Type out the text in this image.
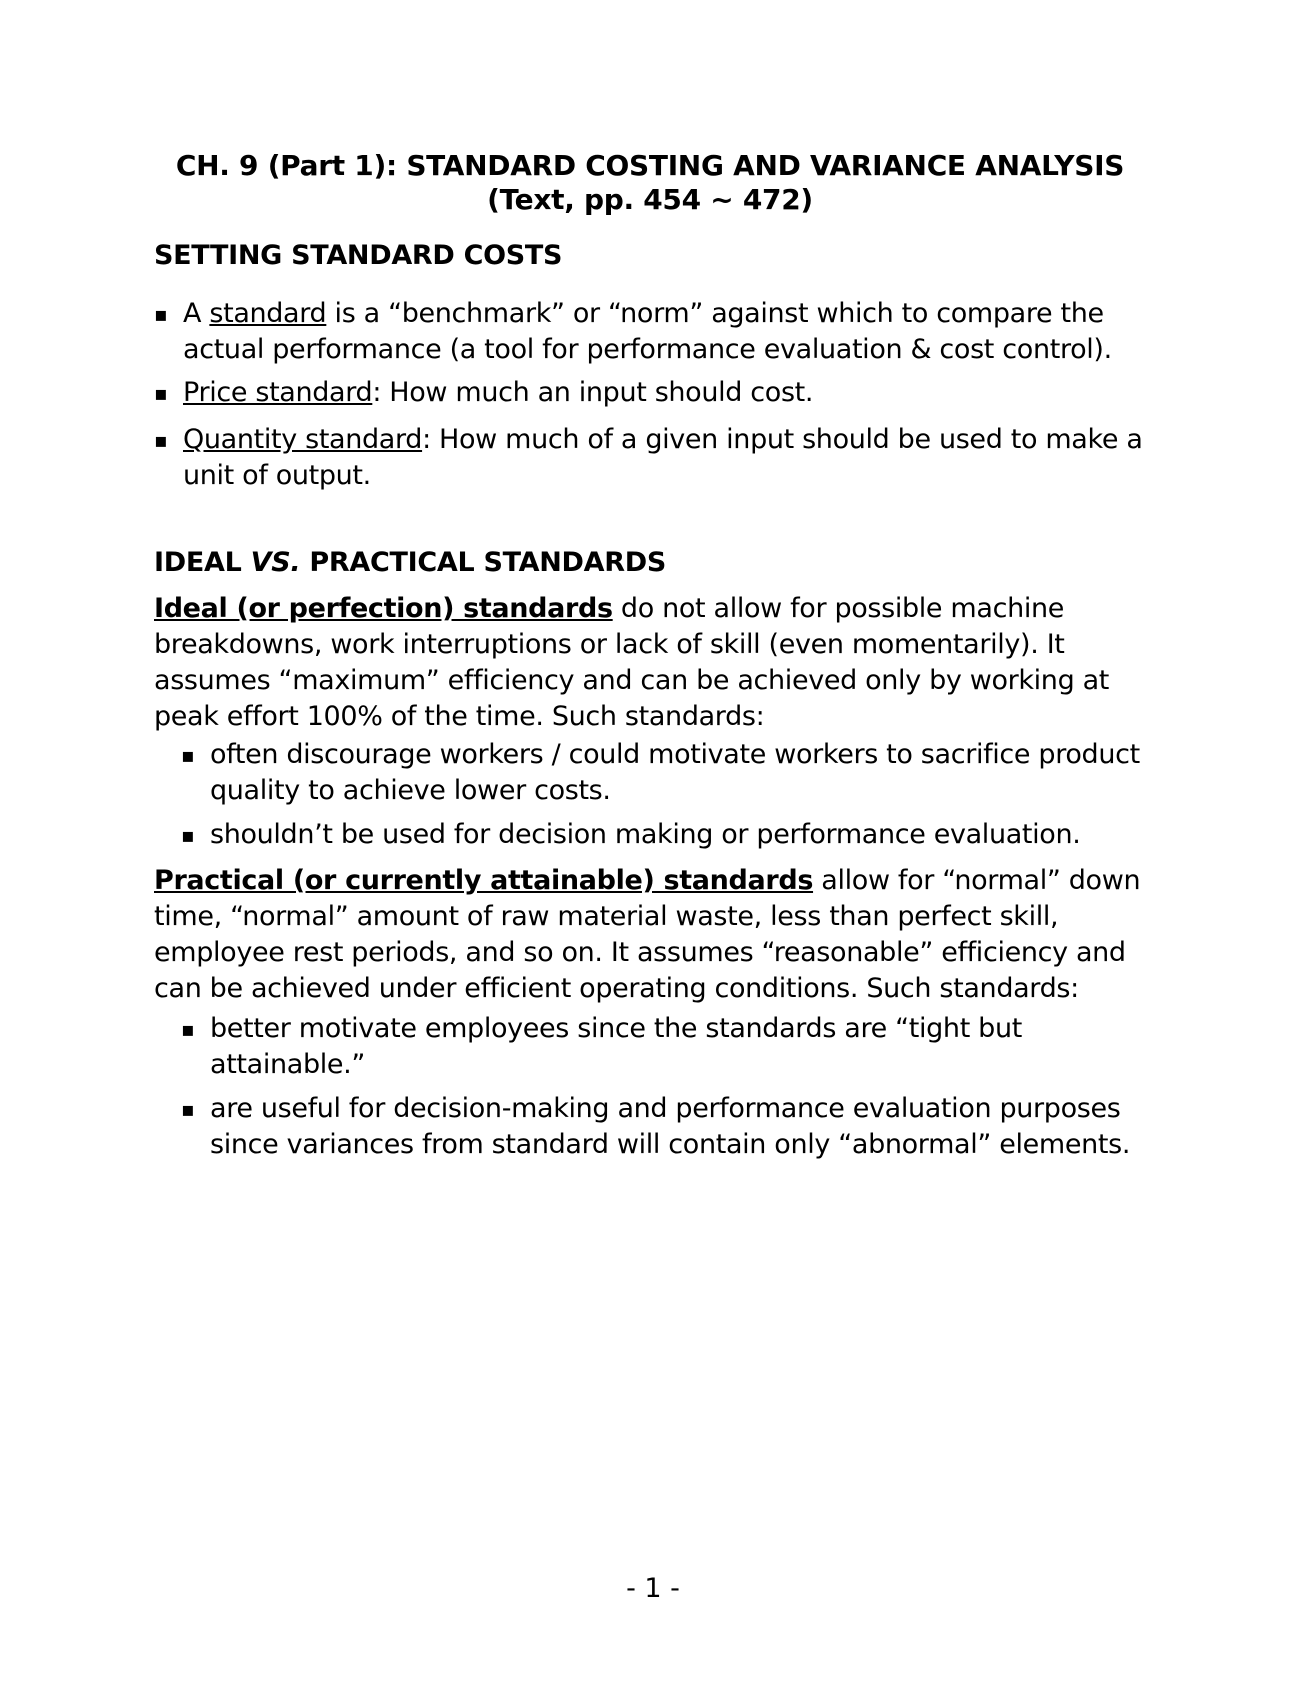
CH. 9 (Part 1): STANDARD COSTING AND VARIANCE ANALYSIS
(Text, pp. 454 ~ 472)
SETTING STANDARD COSTS
▪ A standard is a “benchmark” or “norm” against which to compare the actual performance (a tool for performance evaluation & cost control).
▪ Price standard: How much an input should cost.
▪ Quantity standard: How much of a given input should be used to make a unit of output.
IDEAL VS. PRACTICAL STANDARDS
Ideal (or perfection) standards do not allow for possible machine breakdowns, work interruptions or lack of skill (even momentarily). It assumes “maximum” efficiency and can be achieved only by working at peak effort 100% of the time. Such standards:
▪ often discourage workers / could motivate workers to sacrifice product quality to achieve lower costs.
▪ shouldn’t be used for decision making or performance evaluation.
Practical (or currently attainable) standards allow for “normal” down time, “normal” amount of raw material waste, less than perfect skill, employee rest periods, and so on. It assumes “reasonable” efficiency and can be achieved under efficient operating conditions. Such standards:
▪ better motivate employees since the standards are “tight but attainable.”
▪ are useful for decision-making and performance evaluation purposes since variances from standard will contain only “abnormal” elements.
- 1 -
